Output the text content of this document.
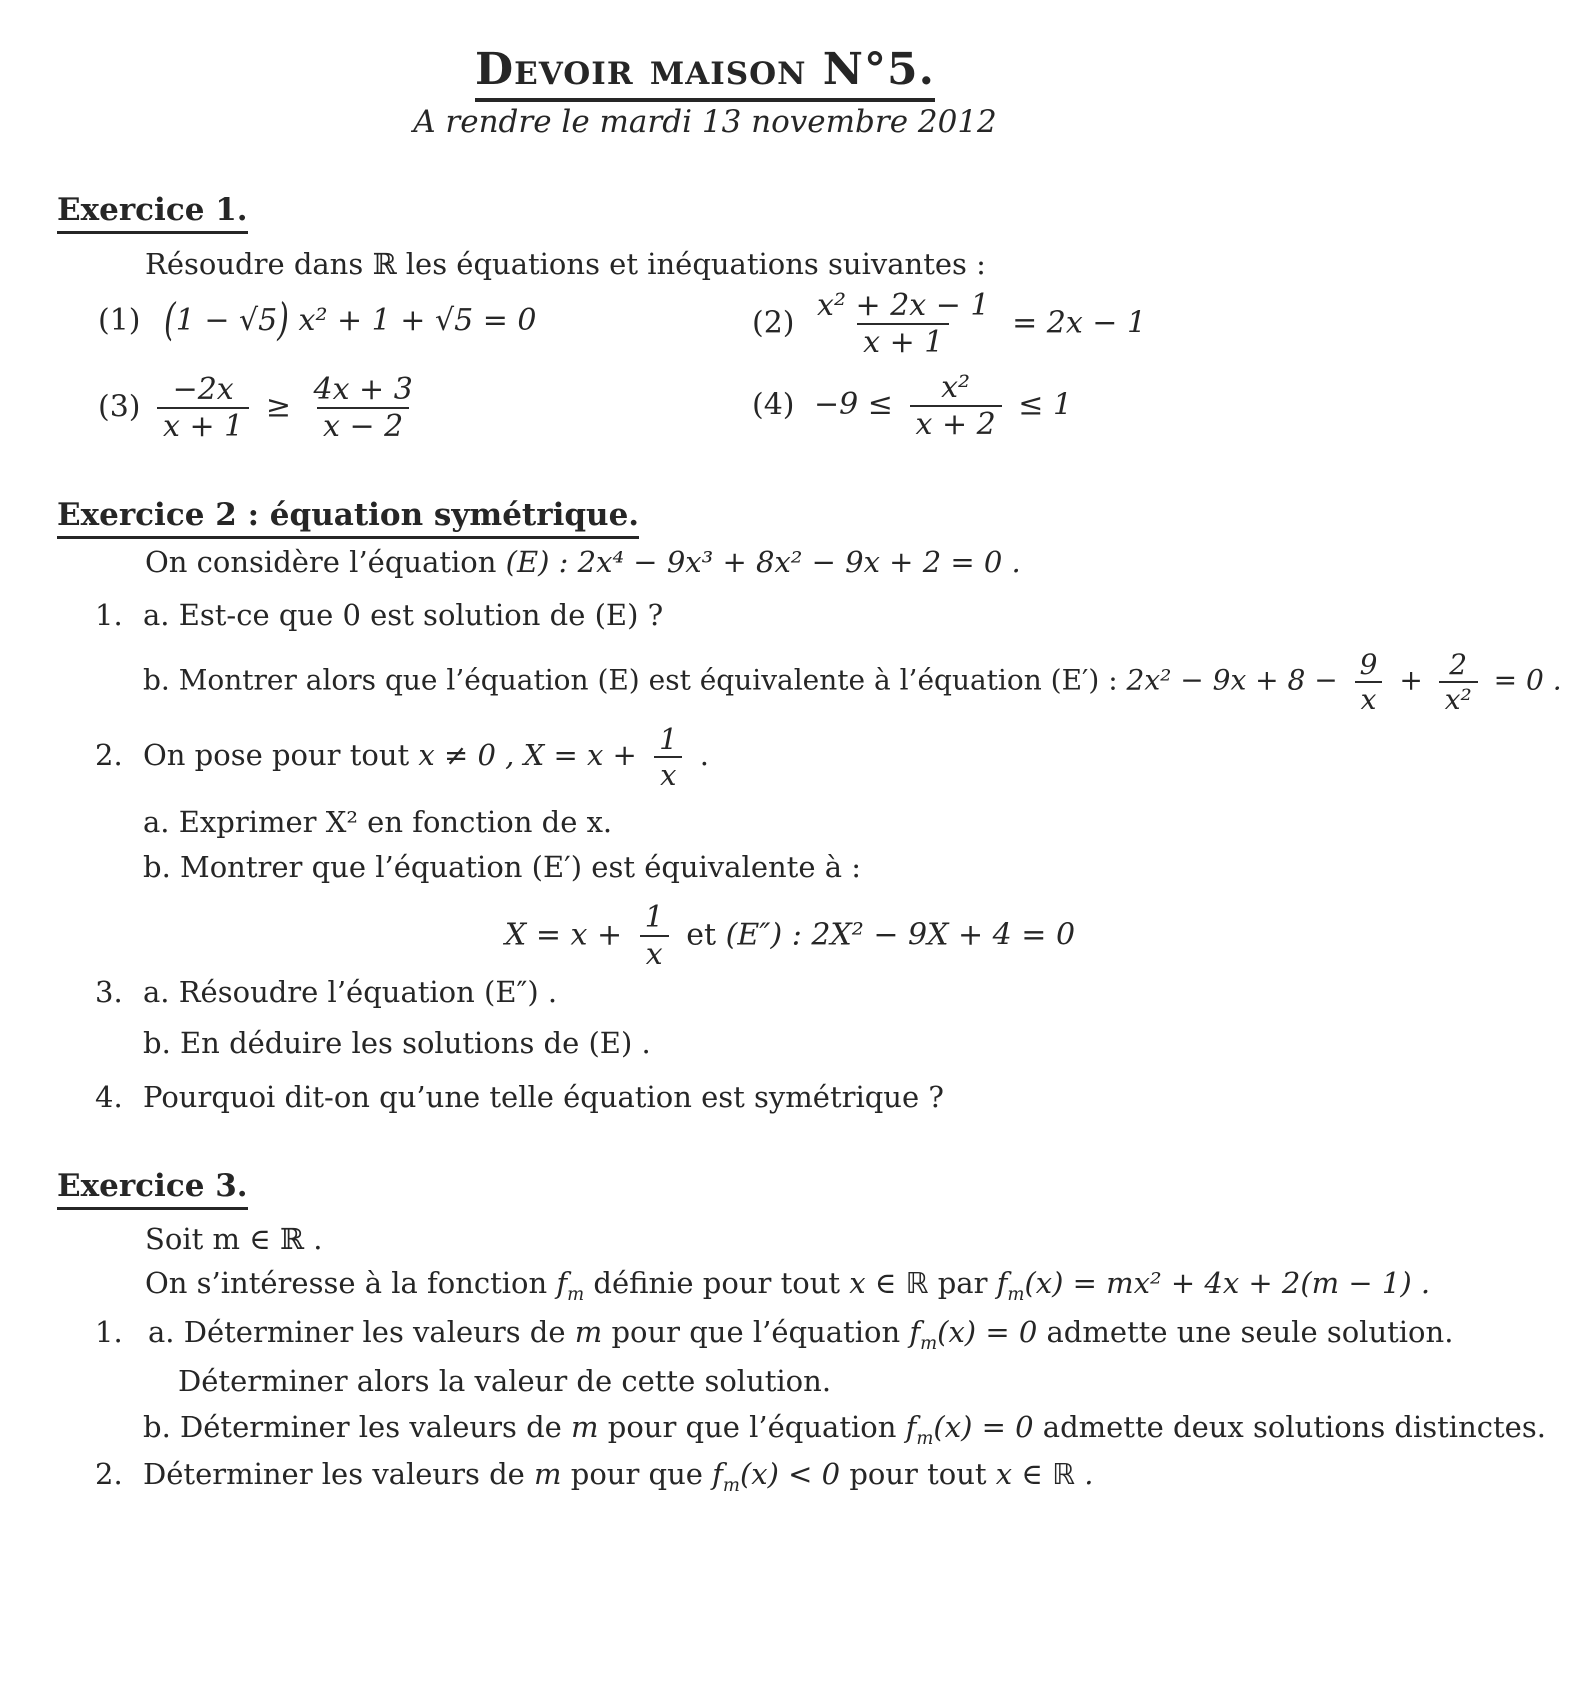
Devoir maison N°5.
A rendre le mardi 13 novembre 2012
Exercice 1.
Résoudre dans ℝ les équations et inéquations suivantes :
(1) (1 − √5) x² + 1 + √5 = 0	$(2) \frac{\text{x² + 2x − 1}}{x + 1} = 2x - 1$
$(3) \frac{-2x}{x + 1} \ge \frac{4x + 3}{x - 2}$	$(4) -9 \le \frac{\text{x²}}{x + 2} \le 1$
Exercice 2 : équation symétrique.
On considère l’équation (E) : 2x⁴ − 9x³ + 8x² − 9x + 2 = 0 .
1. a. Est-ce que 0 est solution de (E) ?
b. Montrer alors que l’équation (E) est équivalente à l’équation (E′) : $2x^2 - 9x + 8 - \frac{9}{x} + \frac{2}{\text{x²}} = 0$ .
2. On pose pour tout x ≠ 0 , $X = x + \frac{1}{x}$ .
a. Exprimer X² en fonction de x.
b. Montrer que l’équation (E′) est équivalente à :
$X = x + \frac{1}{x}$ et (E″) : 2X² − 9X + 4 = 0
3. a. Résoudre l’équation (E″) .
b. En déduire les solutions de (E) .
4. Pourquoi dit-on qu’une telle équation est symétrique ?
Exercice 3.
Soit m ∈ ℝ .
On s’intéresse à la fonction $f_m$ définie pour tout x ∈ ℝ par $f_m(x) = mx^2 + 4x + 2(m - 1)$ .
1. a. Déterminer les valeurs de m pour que l’équation $f_m(x) = 0$ admette une seule solution.
Déterminer alors la valeur de cette solution.
b. Déterminer les valeurs de m pour que l’équation $f_m(x) = 0$ admette deux solutions distinctes.
2. Déterminer les valeurs de m pour que $f_m(x) < 0$ pour tout x ∈ ℝ .
